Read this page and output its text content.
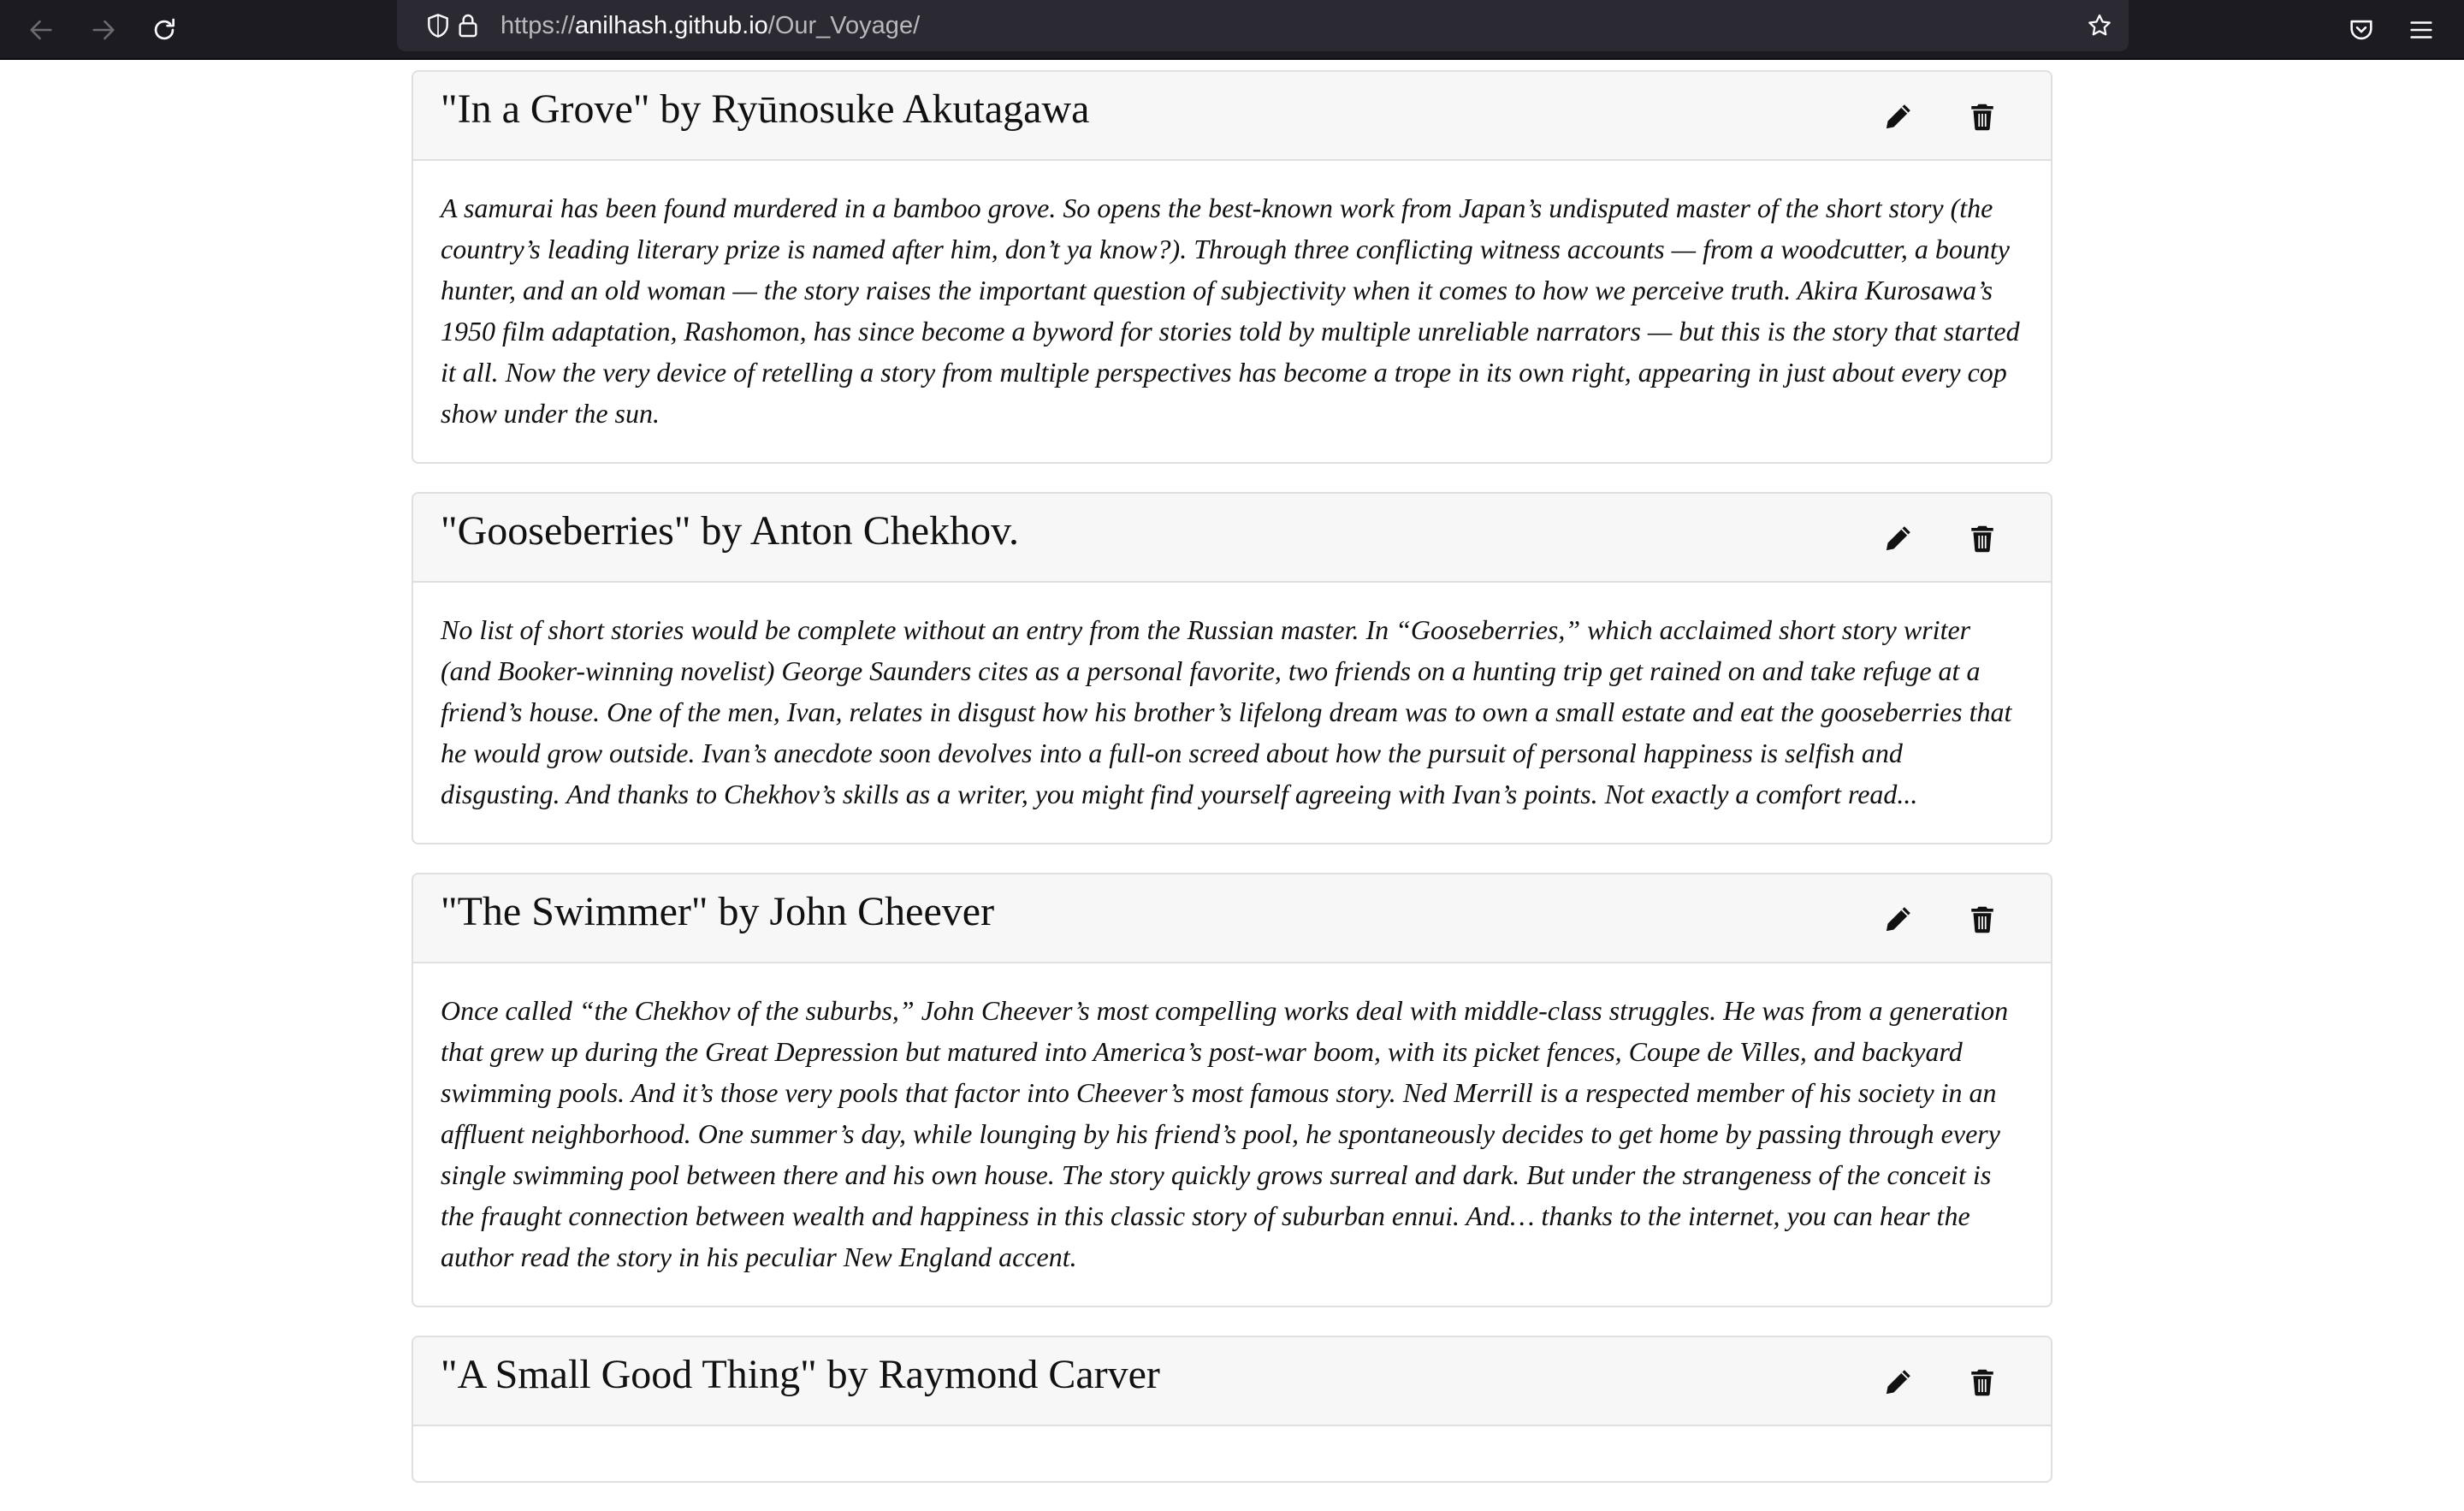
https://anilhash.github.io/Our_Voyage/
"In a Grove" by Ryūnosuke Akutagawa

A samurai has been found murdered in a bamboo grove. So opens the best-known work from Japan’s undisputed master of the short story (the country’s leading literary prize is named after him, don’t ya know?). Through three conflicting witness accounts — from a woodcutter, a bounty hunter, and an old woman — the story raises the important question of subjectivity when it comes to how we perceive truth. Akira Kurosawa’s 1950 film adaptation, Rashomon, has since become a byword for stories told by multiple unreliable narrators — but this is the story that started it all. Now the very device of retelling a story from multiple perspectives has become a trope in its own right, appearing in just about every cop show under the sun.

"Gooseberries" by Anton Chekhov.

No list of short stories would be complete without an entry from the Russian master. In “Gooseberries,” which acclaimed short story writer (and Booker-winning novelist) George Saunders cites as a personal favorite, two friends on a hunting trip get rained on and take refuge at a friend’s house. One of the men, Ivan, relates in disgust how his brother’s lifelong dream was to own a small estate and eat the gooseberries that he would grow outside. Ivan’s anecdote soon devolves into a full-on screed about how the pursuit of personal happiness is selfish and disgusting. And thanks to Chekhov’s skills as a writer, you might find yourself agreeing with Ivan’s points. Not exactly a comfort read...

"The Swimmer" by John Cheever

Once called “the Chekhov of the suburbs,” John Cheever’s most compelling works deal with middle-class struggles. He was from a generation that grew up during the Great Depression but matured into America’s post-war boom, with its picket fences, Coupe de Villes, and backyard swimming pools. And it’s those very pools that factor into Cheever’s most famous story. Ned Merrill is a respected member of his society in an affluent neighborhood. One summer’s day, while lounging by his friend’s pool, he spontaneously decides to get home by passing through every single swimming pool between there and his own house. The story quickly grows surreal and dark. But under the strangeness of the conceit is the fraught connection between wealth and happiness in this classic story of suburban ennui. And… thanks to the internet, you can hear the author read the story in his peculiar New England accent.

"A Small Good Thing" by Raymond Carver
